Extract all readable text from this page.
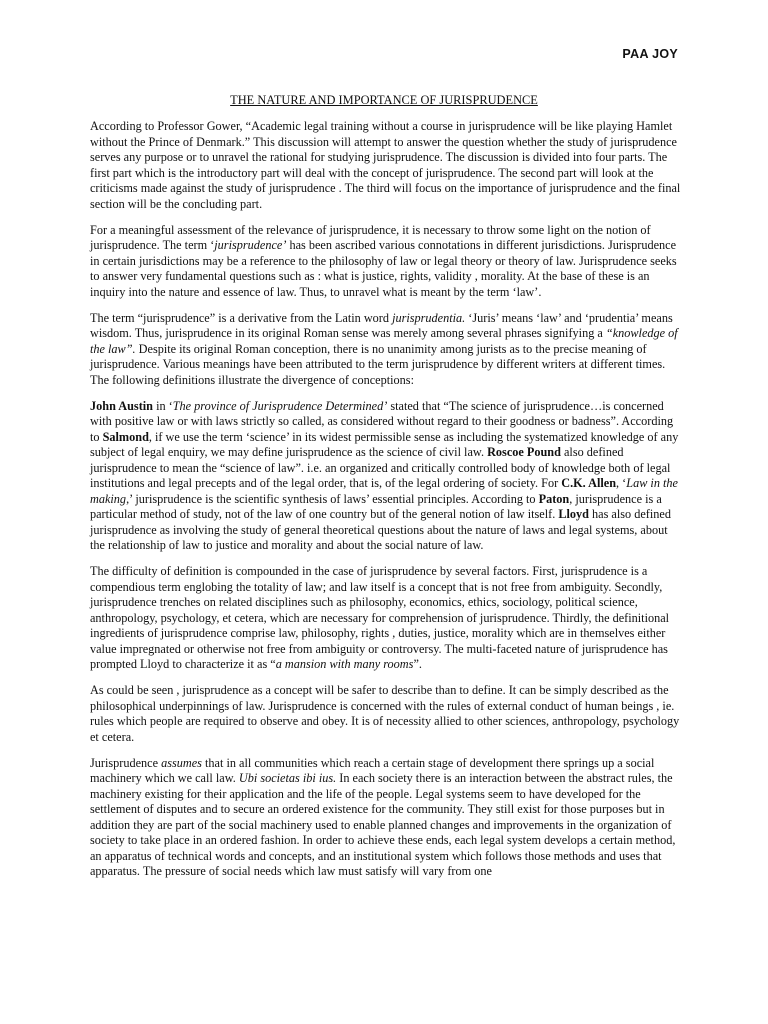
PAA JOY
THE NATURE AND IMPORTANCE OF JURISPRUDENCE

According to Professor Gower, “Academic legal training without a course in jurisprudence will be like playing Hamlet without the Prince of Denmark.” This discussion will attempt to answer the question whether the study of jurisprudence serves any purpose or to unravel the rational for studying jurisprudence. The discussion is divided into four parts. The first part which is the introductory part will deal with the concept of jurisprudence. The second part will look at the criticisms made against the study of jurisprudence . The third will focus on the importance of jurisprudence and the final section will be the concluding part.

For a meaningful assessment of the relevance of jurisprudence, it is necessary to throw some light on the notion of jurisprudence. The term ‘jurisprudence’ has been ascribed various connotations in different jurisdictions. Jurisprudence in certain jurisdictions may be a reference to the philosophy of law or legal theory or theory of law. Jurisprudence seeks to answer very fundamental questions such as : what is justice, rights, validity , morality. At the base of these is an inquiry into the nature and essence of law. Thus, to unravel what is meant by the term ‘law’.

The term “jurisprudence” is a derivative from the Latin word jurisprudentia. ‘Juris’ means ‘law’ and ‘prudentia’ means wisdom. Thus, jurisprudence in its original Roman sense was merely among several phrases signifying a “knowledge of the law”. Despite its original Roman conception, there is no unanimity among jurists as to the precise meaning of jurisprudence. Various meanings have been attributed to the term jurisprudence by different writers at different times. The following definitions illustrate the divergence of conceptions:

John Austin in ‘The province of Jurisprudence Determined’ stated that “The science of jurisprudence…is concerned with positive law or with laws strictly so called, as considered without regard to their goodness or badness”. According to Salmond, if we use the term ‘science’ in its widest permissible sense as including the systematized knowledge of any subject of legal enquiry, we may define jurisprudence as the science of civil law. Roscoe Pound also defined jurisprudence to mean the “science of law”. i.e. an organized and critically controlled body of knowledge both of legal institutions and legal precepts and of the legal order, that is, of the legal ordering of society. For C.K. Allen, ‘Law in the making,’ jurisprudence is the scientific synthesis of laws’ essential principles. According to Paton, jurisprudence is a particular method of study, not of the law of one country but of the general notion of law itself. Lloyd has also defined jurisprudence as involving the study of general theoretical questions about the nature of laws and legal systems, about the relationship of law to justice and morality and about the social nature of law.

The difficulty of definition is compounded in the case of jurisprudence by several factors. First, jurisprudence is a compendious term englobing the totality of law; and law itself is a concept that is not free from ambiguity. Secondly, jurisprudence trenches on related disciplines such as philosophy, economics, ethics, sociology, political science, anthropology, psychology, et cetera, which are necessary for comprehension of jurisprudence. Thirdly, the definitional ingredients of jurisprudence comprise law, philosophy, rights , duties, justice, morality which are in themselves either value impregnated or otherwise not free from ambiguity or controversy. The multi-faceted nature of jurisprudence has prompted Lloyd to characterize it as “a mansion with many rooms”.

As could be seen , jurisprudence as a concept will be safer to describe than to define. It can be simply described as the philosophical underpinnings of law. Jurisprudence is concerned with the rules of external conduct of human beings , ie. rules which people are required to observe and obey. It is of necessity allied to other sciences, anthropology, psychology et cetera.

Jurisprudence assumes that in all communities which reach a certain stage of development there springs up a social machinery which we call law. Ubi societas ibi ius. In each society there is an interaction between the abstract rules, the machinery existing for their application and the life of the people. Legal systems seem to have developed for the settlement of disputes and to secure an ordered existence for the community. They still exist for those purposes but in addition they are part of the social machinery used to enable planned changes and improvements in the organization of society to take place in an ordered fashion. In order to achieve these ends, each legal system develops a certain method, an apparatus of technical words and concepts, and an institutional system which follows those methods and uses that apparatus. The pressure of social needs which law must satisfy will vary from one
